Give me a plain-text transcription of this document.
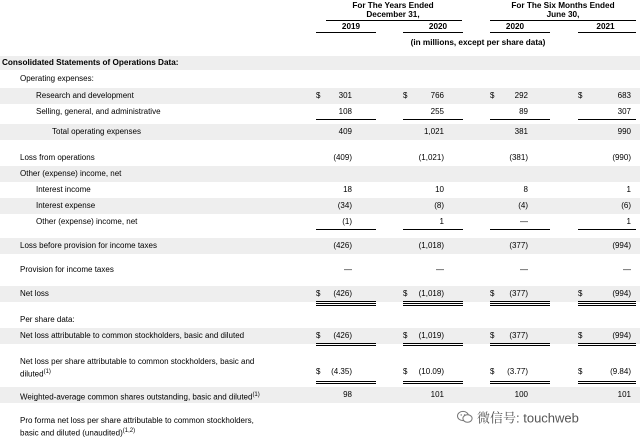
For The Years Ended
December 31,
For The Six Months Ended
June 30,
2019	2020	2020	2021
(in millions, except per share data)
Consolidated Statements of Operations Data:
Operating expenses:
Research and development	$	301	$	766	$	292	$	683
Selling, general, and administrative	108	255	89	307
Total operating expenses	409	1,021	381	990
Loss from operations	(409)	(1,021)	(381)	(990)
Other (expense) income, net
Interest income	18	10	8	1
Interest expense	(34)	(8)	(4)	(6)
Other (expense) income, net	(1)	1	—	1
Loss before provision for income taxes	(426)	(1,018)	(377)	(994)
Provision for income taxes	—	—	—	—
Net loss	$	(426)	$	(1,018)	$	(377)	$	(994)
Per share data:
Net loss attributable to common stockholders, basic and diluted	$	(426)	$	(1,019)	$	(377)	$	(994)
Net loss per share attributable to common stockholders, basic and
diluted$^{(1)}$	$	(4.35)	$	(10.09)	$	(3.77)	$	(9.84)
Weighted-average common shares outstanding, basic and diluted$^{(1)}$	98	101	100	101
Pro forma net loss per share attributable to common stockholders,
basic and diluted (unaudited)$^{(1,2)}$
微信号: touchweb
